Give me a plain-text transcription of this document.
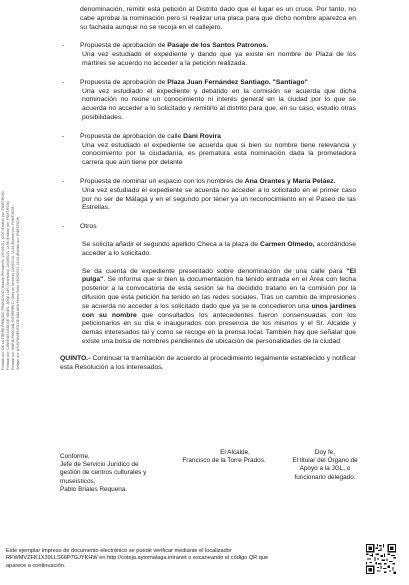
Firmado por: DE LA TORRE PRADOS, FRANCISCO (Alcalde-Presidente) 13/09/2021 12:27 (Emitido por: FNMT-RCM) Firmado por: CANOVAS LEAL DE YANES, JOSE LUIS (Secretario) 13/09/2021 12:56 (Emitido por: FNMT-RCM) Firmado por: MARIA PASCUAL GUTIERREZ / (Jefa de Servicio) 13/09/2021 13:24 (Emitido por: FNMT-RCM) Sellado por: AYUNTAMIENTO DE MALAGA Fecha Sello: 13/09/2021 13:24 (Emitido por: FNMT-RCM)

denominación, remitir esta petición al Distrito dado que el lugar es un cruce. Por tanto, no cabe aprobar la nominación pero sí realizar una placa para que dicho nombre aparezca en su fachada aunque no se recoja en el callejero.

- Propuesta de aprobación de Pasaje de los Santos Patronos.

Una vez estudiado el expediente y dando que ya existe en nombre de Plaza de los mártires se acuerdo no acceder a la petición realizada.

- Propuesta de aprobación de Plaza Juan Fernández Santiago. "Santiago"

Una vez estudiado el expediente y debatido en la comisión se acuerda que dicha nominación no reúne un conocimiento ni interés general en la ciudad por lo que se acuerda no acceder a lo solicitado y remitirlo al distrito para que, en su caso, estudio otras posibilidades.

- Propuesta de aprobación de calle Dani Rovira

Una vez estudiado el expediente se acuerda que si bien su nombre tiene relevancia y conocimiento por la ciudadanía, es prematura esta nominación dada la prometedora carrera que aún tiene por delante

- Propuesta de nominar un espacio con los nombres de Ana Orantes y María Peláez.

Una vez estudiado el expediente se acuerda no acceder a lo solicitado en el primer caso por no ser de Málaga y en el segundo por tener ya un reconocimiento en el Paseo de las Estrellas.

- Otros

Se solicita añadir el segundo apellido Checa a la plaza de Carmen Olmedo, acordándose acceder a lo solicitado.

Se da cuenta de expediente presentado sobre denominación de una calle para "El pulga". Se informa que si bien la documentación ha tenido entrada en el Área con fecha posterior a la convocatoria de esta sesión se ha decidido tratarlo en la comisión por la difusión que esta petición ha tenido en las redes sociales. Tras un cambio de impresiones se acuerda no acceder a los solicitado dado que ya se le concedieron una unos jardines con su nombre que consultados los antecedentes fueron consensuadas con los peticionarios en su día e inaugurados con presencia de los mismos y el Sr. Alcalde y demás interesados tal y como se recoge en la prensa local. También hay que señalar que existe una bolsa de nombres pendientes de ubicación de personalidades de la ciudad

QUINTO.- Continuar la tramitación de acuerdo al procedimiento legalmente establecido y notificar esta Resolución a los interesados.

Conforme,
Jefe de Servicio Jurídico de
gestión de centros culturales y
museísticos,
Pablo Briales Requena.
El Alcalde,
Francisco de la Torre Prados.
Doy fe,
El titular del Órgano de
Apoyo a la JGL, o
funcionario delegado.
Este ejemplar impreso de documento electrónico se puede verificar mediante el localizador
RFWMVZFK1X39LLS66P7GJYKHW en http://coteja.aytomalaga.intranet o escaneando el código QR que
aparece a continuación.
